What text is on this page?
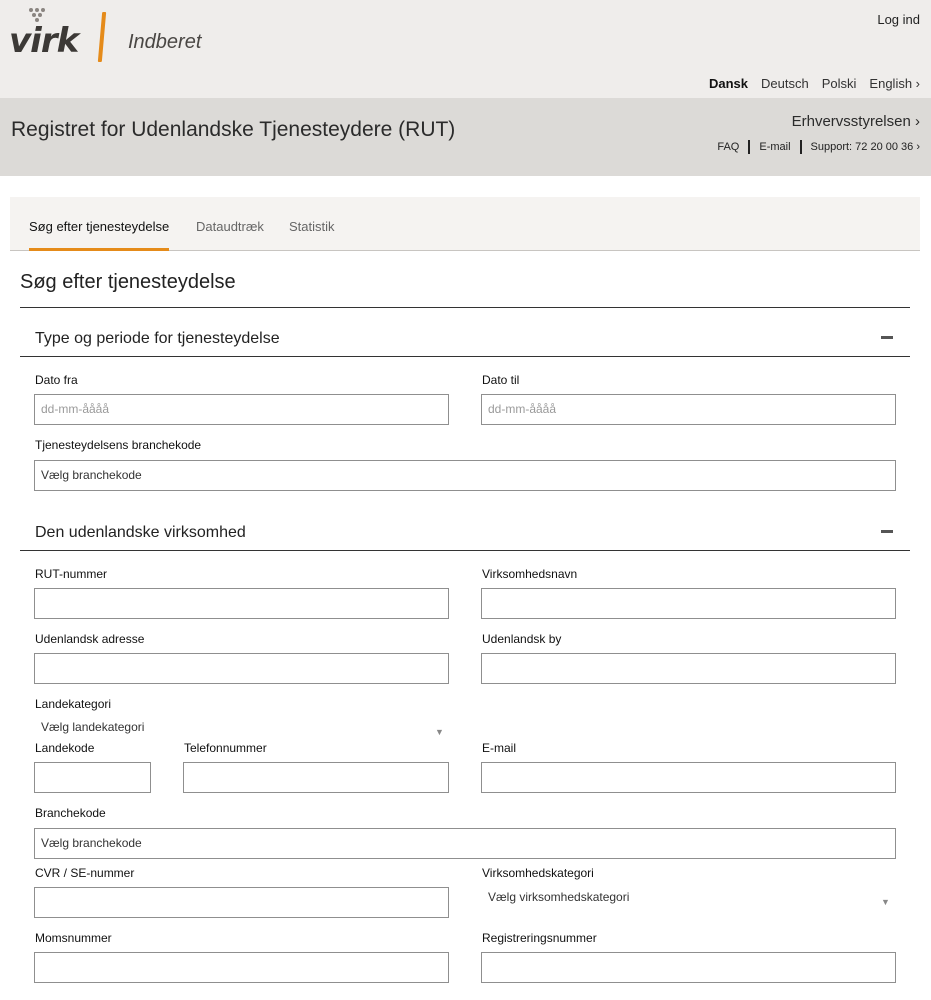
virk Indberet
Log ind
Dansk Deutsch Polski English ›
Registret for Udenlandske Tjenesteydere (RUT)	Erhvervsstyrelsen ›
FAQ E-mail Support: 72 20 00 36 ›
Søg efter tjenesteydelse Dataudtræk Statistik
Søg efter tjenesteydelse
Type og periode for tjenesteydelse
Dato fra
dd-mm-åååå
Dato til
dd-mm-åååå
Tjenesteydelsens branchekode
Vælg branchekode
Den udenlandske virksomhed
RUT-nummer	Virksomhedsnavn
Udenlandsk adresse	Udenlandsk by
Landekategori
Vælg landekategori	▼
Landekode	Telefonnummer	E-mail
Branchekode
Vælg branchekode
CVR / SE-nummer	Virksomhedskategori
Vælg virksomhedskategori	▼
Momsnummer	Registreringsnummer
